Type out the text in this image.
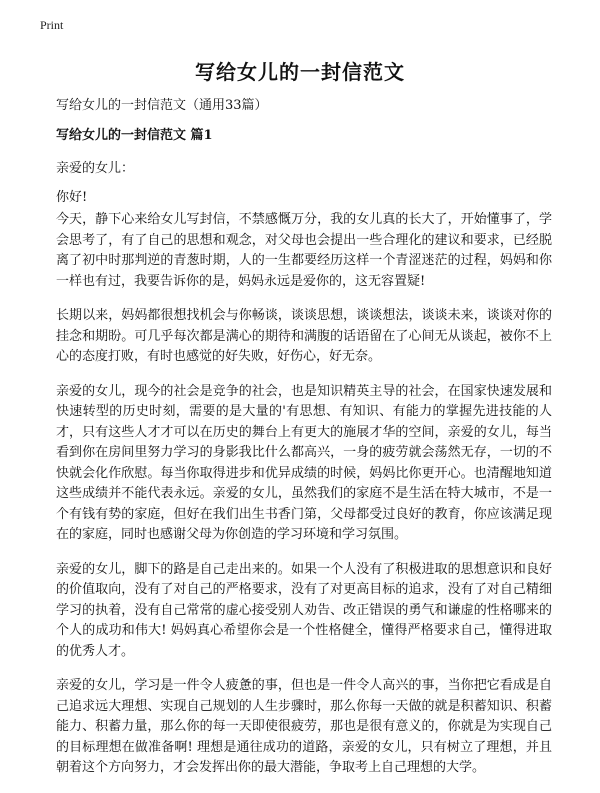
Print
写给女儿的一封信范文

写给女儿的一封信范文（通用33篇）

写给女儿的一封信范文 篇1

亲爱的女儿：

你好!

今天，静下心来给女儿写封信，不禁感慨万分，我的女儿真的长大了，开始懂事了，学会思考了，有了自己的思想和观念，对父母也会提出一些合理化的建议和要求，已经脱离了初中时那判逆的青葱时期，人的一生都要经历这样一个青涩迷茫的过程，妈妈和你一样也有过，我要告诉你的是，妈妈永远是爱你的，这无容置疑!

长期以来，妈妈都很想找机会与你畅谈，谈谈思想，谈谈想法，谈谈未来，谈谈对你的挂念和期盼。可几乎每次都是满心的期待和满腹的话语留在了心间无从谈起，被你不上心的态度打败，有时也感觉的好失败，好伤心，好无奈。

亲爱的女儿，现今的社会是竞争的社会，也是知识精英主导的社会，在国家快速发展和快速转型的历史时刻，需要的是大量的'有思想、有知识、有能力的掌握先进技能的人才，只有这些人才才可以在历史的舞台上有更大的施展才华的空间，亲爱的女儿，每当看到你在房间里努力学习的身影我比什么都高兴，一身的疲劳就会荡然无存，一切的不快就会化作欣慰。每当你取得进步和优异成绩的时候，妈妈比你更开心。也清醒地知道这些成绩并不能代表永远。亲爱的女儿，虽然我们的家庭不是生活在特大城市，不是一个有钱有势的家庭，但好在我们出生书香门第，父母都受过良好的教育，你应该满足现在的家庭，同时也感谢父母为你创造的学习环境和学习氛围。

亲爱的女儿，脚下的路是自己走出来的。如果一个人没有了积极进取的思想意识和良好的价值取向，没有了对自己的严格要求，没有了对更高目标的追求，没有了对自己精细学习的执着，没有自己常常的虚心接受别人劝告、改正错误的勇气和谦虚的性格哪来的个人的成功和伟大! 妈妈真心希望你会是一个性格健全，懂得严格要求自己，懂得进取的优秀人才。

亲爱的女儿，学习是一件令人疲惫的事，但也是一件令人高兴的事，当你把它看成是自己追求远大理想、实现自己规划的人生步骤时，那么你每一天做的就是积蓄知识、积蓄能力、积蓄力量，那么你的每一天即使很疲劳，那也是很有意义的，你就是为实现自己的目标理想在做准备啊! 理想是通往成功的道路，亲爱的女儿，只有树立了理想，并且朝着这个方向努力，才会发挥出你的最大潜能，争取考上自己理想的大学。
